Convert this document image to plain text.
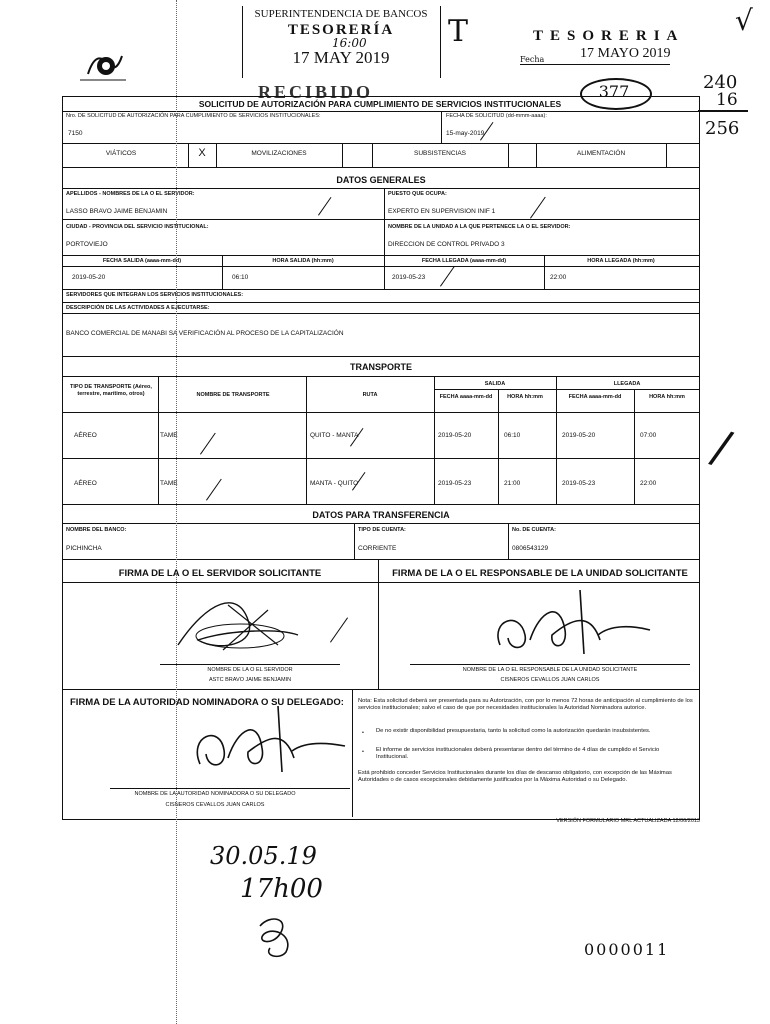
SUPERINTENDENCIA DE BANCOS
TESORERÍA
16:00
17 MAY 2019
T	TESORERIA
Fecha	17 MAYO 2019
√
377	240
16
256
RECIBIDO
SOLICITUD DE AUTORIZACIÓN PARA CUMPLIMIENTO DE SERVICIOS INSTITUCIONALES
Nro. DE SOLICITUD DE AUTORIZACIÓN PARA CUMPLIMIENTO DE SERVICIOS INSTITUCIONALES:
7150
FECHA DE SOLICITUD (dd-mmm-aaaa):
15-may-2019
VIÁTICOS	X	MOVILIZACIONES	SUBSISTENCIAS	ALIMENTACIÓN
DATOS GENERALES
APELLIDOS - NOMBRES DE LA O EL SERVIDOR:
LASSO BRAVO JAIME BENJAMIN
PUESTO QUE OCUPA:
EXPERTO EN SUPERVISION INIF 1
CIUDAD - PROVINCIA DEL SERVICIO INSTITUCIONAL:
PORTOVIEJO
NOMBRE DE LA UNIDAD A LA QUE PERTENECE LA O EL SERVIDOR:
DIRECCION DE CONTROL PRIVADO 3
FECHA SALIDA (aaaa-mm-dd)	HORA SALIDA (hh:mm)	FECHA LLEGADA (aaaa-mm-dd)	HORA LLEGADA (hh:mm)
2019-05-20	06:10	2019-05-23	22:00
SERVIDORES QUE INTEGRAN LOS SERVICIOS INSTITUCIONALES:
DESCRIPCIÓN DE LAS ACTIVIDADES A EJECUTARSE:
BANCO COMERCIAL DE MANABI SA VERIFICACIÓN AL PROCESO DE LA CAPITALIZACIÓN
TRANSPORTE
TIPO DE TRANSPORTE (Aéreo, terrestre, marítimo, otros)	NOMBRE DE TRANSPORTE	RUTA
SALIDA	LLEGADA
FECHA aaaa-mm-dd	HORA hh:mm	FECHA aaaa-mm-dd	HORA hh:mm
AÉREO	TAME	QUITO - MANTA	2019-05-20	06:10	2019-05-20	07:00
AÉREO	TAME	MANTA - QUITO	2019-05-23	21:00	2019-05-23	22:00
/
DATOS PARA TRANSFERENCIA
NOMBRE DEL BANCO:
PICHINCHA
TIPO DE CUENTA:
CORRIENTE
No. DE CUENTA:
0806543129
FIRMA DE LA O EL SERVIDOR SOLICITANTE	FIRMA DE LA O EL RESPONSABLE DE LA UNIDAD SOLICITANTE
NOMBRE DE LA O EL SERVIDOR
ASTC BRAVO JAIME BENJAMIN
NOMBRE DE LA O EL RESPONSABLE DE LA UNIDAD SOLICITANTE
CISNEROS CEVALLOS JUAN CARLOS
FIRMA DE LA AUTORIDAD NOMINADORA O SU DELEGADO:
NOMBRE DE LA AUTORIDAD NOMINADORA O SU DELEGADO
CISNEROS CEVALLOS JUAN CARLOS
Nota: Esta solicitud deberá ser presentada para su Autorización, con por lo menos 72 horas de anticipación al cumplimiento de los servicios institucionales; salvo el caso de que por necesidades institucionales la Autoridad Nominadora autorice.
• De no existir disponibilidad presupuestaria, tanto la solicitud como la autorización quedarán insubsistentes.
• El informe de servicios institucionales deberá presentarse dentro del término de 4 días de cumplido el Servicio Institucional.
Está prohibido conceder Servicios Institucionales durante los días de descanso obligatorio, con excepción de las Máximas Autoridades o de casos excepcionales debidamente justificados por la Máxima Autoridad o su Delegado.
VERSIÓN FORMULARIO MRL ACTUALIZADA 12/06/2013
30.05.19
17h00
0000011
